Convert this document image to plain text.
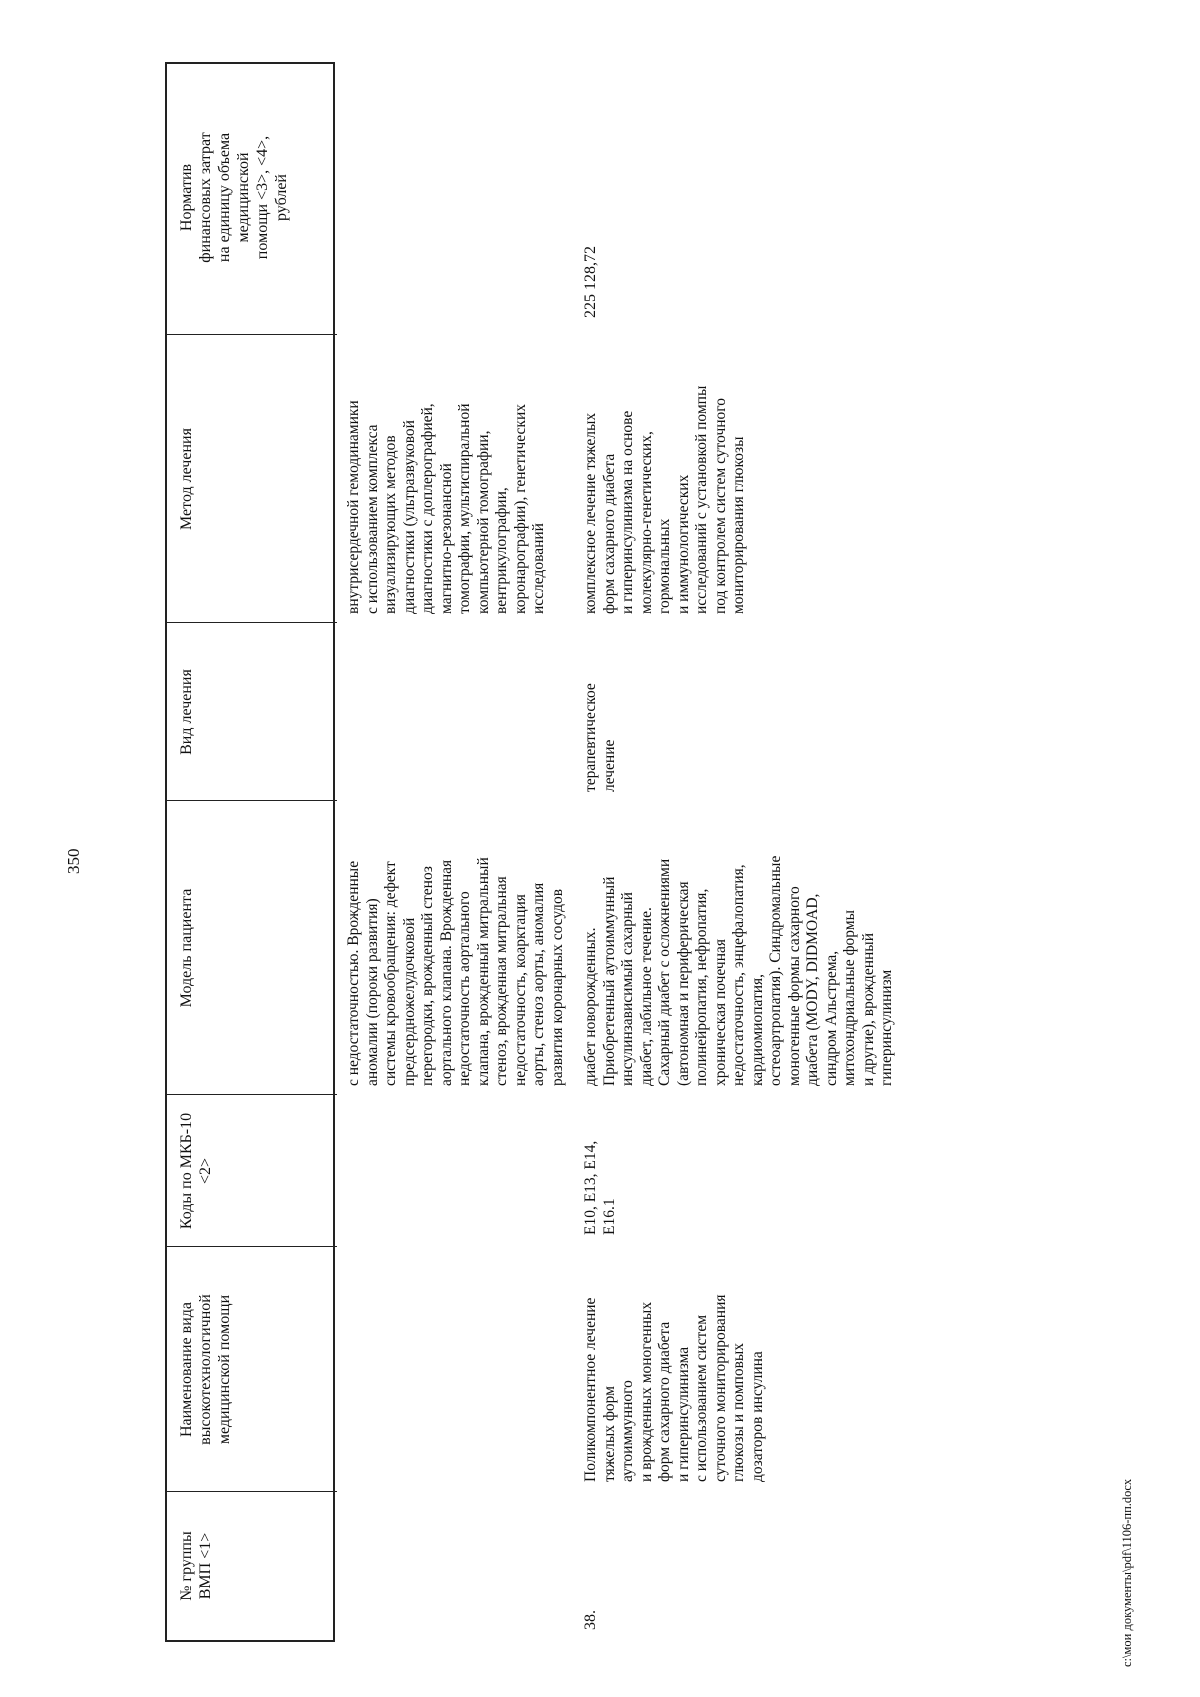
350
№ группы
ВМП <1>
Наименование вида
высокотехнологичной
медицинской помощи
Коды по МКБ-10
<2>
Модель пациента
Вид лечения
Метод лечения
Норматив
финансовых затрат
на единицу объема
медицинской
помощи <3>, <4>,
рублей
с недостаточностью. Врожденные
аномалии (пороки развития)
системы кровообращения: дефект
предсердножелудочковой
перегородки, врожденный стеноз
аортального клапана. Врожденная
недостаточность аортального
клапана, врожденный митральный
стеноз, врожденная митральная
недостаточность, коарктация
аорты, стеноз аорты, аномалия
развития коронарных сосудов
внутрисердечной гемодинамики
с использованием комплекса
визуализирующих методов
диагностики (ультразвуковой
диагностики с доплерографией,
магнитно-резонансной
томографии, мультиспиральной
компьютерной томографии,
вентрикулографии,
коронарографии), генетических
исследований
38.
Поликомпонентное лечение
тяжелых форм
аутоиммунного
и врожденных моногенных
форм сахарного диабета
и гиперинсулинизма
с использованием систем
суточного мониторирования
глюкозы и помповых
дозаторов инсулина
E10, E13, E14,
E16.1
диабет новорожденных.
Приобретенный аутоиммунный
инсулинзависимый сахарный
диабет, лабильное течение.
Сахарный диабет с осложнениями
(автономная и периферическая
полинейропатия, нефропатия,
хроническая почечная
недостаточность, энцефалопатия,
кардиомиопатия,
остеоартропатия). Синдромальные
моногенные формы сахарного
диабета (MODY, DIDMOAD,
синдром Альстрема,
митохондриальные формы
и другие), врожденный
гиперинсулинизм
терапевтическое
лечение
комплексное лечение тяжелых
форм сахарного диабета
и гиперинсулинизма на основе
молекулярно-генетических,
гормональных
и иммунологических
исследований с установкой помпы
под контролем систем суточного
мониторирования глюкозы
225 128,72
c:\мои документы\pdf\1106-пп.docx
